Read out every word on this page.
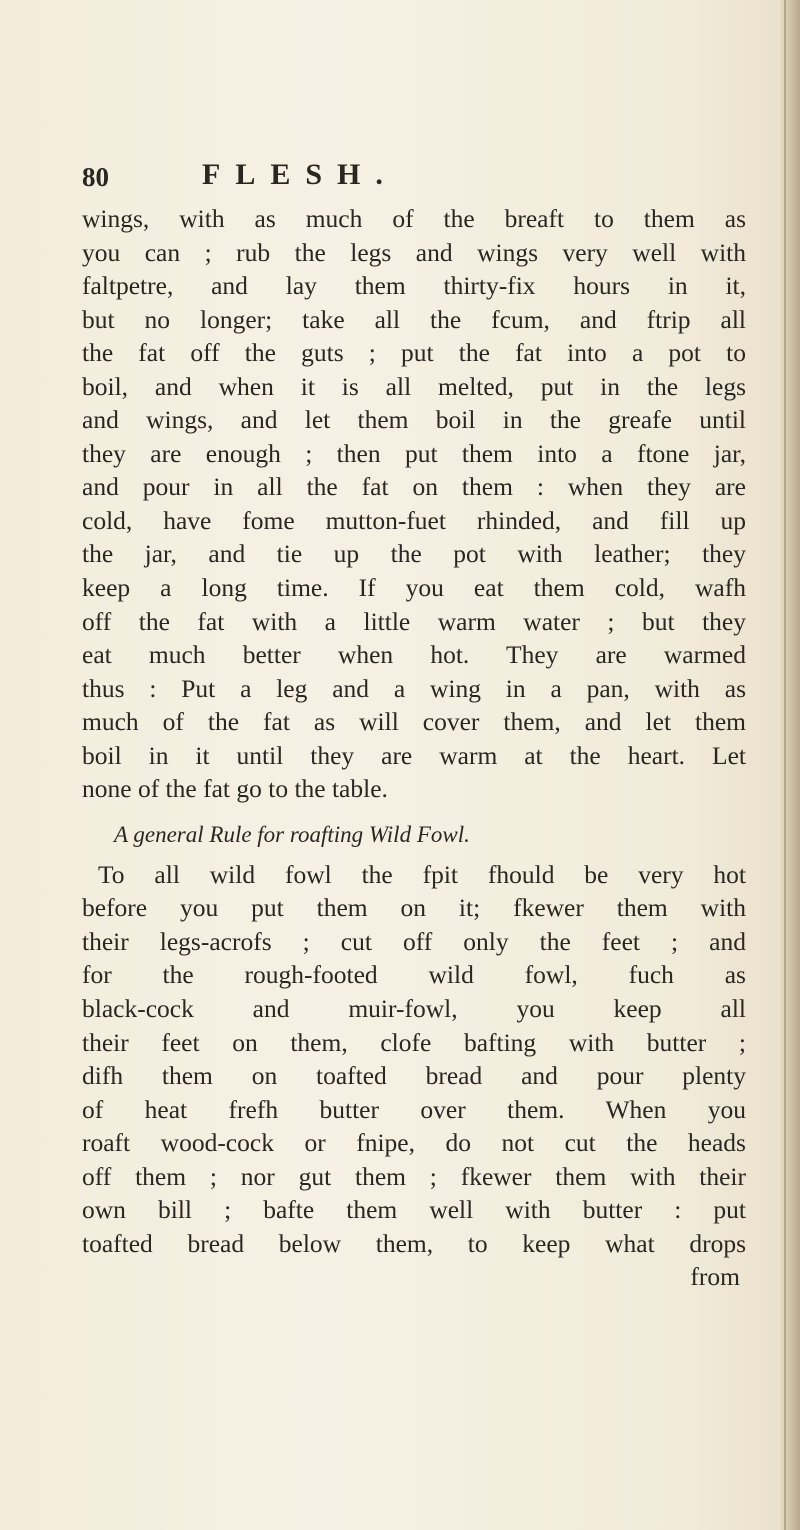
80	FLESH.
wings, with as much of the breaft to them as
you can ; rub the legs and wings very well with
faltpetre, and lay them thirty-fix hours in it,
but no longer; take all the fcum, and ftrip all
the fat off the guts ; put the fat into a pot to
boil, and when it is all melted, put in the legs
and wings, and let them boil in the greafe until
they are enough ; then put them into a ftone jar,
and pour in all the fat on them : when they are
cold, have fome mutton-fuet rhinded, and fill up
the jar, and tie up the pot with leather; they
keep a long time. If you eat them cold, wafh
off the fat with a little warm water ; but they
eat much better when hot. They are warmed
thus : Put a leg and a wing in a pan, with as
much of the fat as will cover them, and let them
boil in it until they are warm at the heart. Let
none of the fat go to the table.
A general Rule for roafting Wild Fowl.
To all wild fowl the fpit fhould be very hot
before you put them on it; fkewer them with
their legs-acrofs ; cut off only the feet ; and
for the rough-footed wild fowl, fuch as
black-cock and muir-fowl, you keep all
their feet on them, clofe bafting with butter ;
difh them on toafted bread and pour plenty
of heat frefh butter over them. When you
roaft wood-cock or fnipe, do not cut the heads
off them ; nor gut them ; fkewer them with their
own bill ; bafte them well with butter : put
toafted bread below them, to keep what drops
from
